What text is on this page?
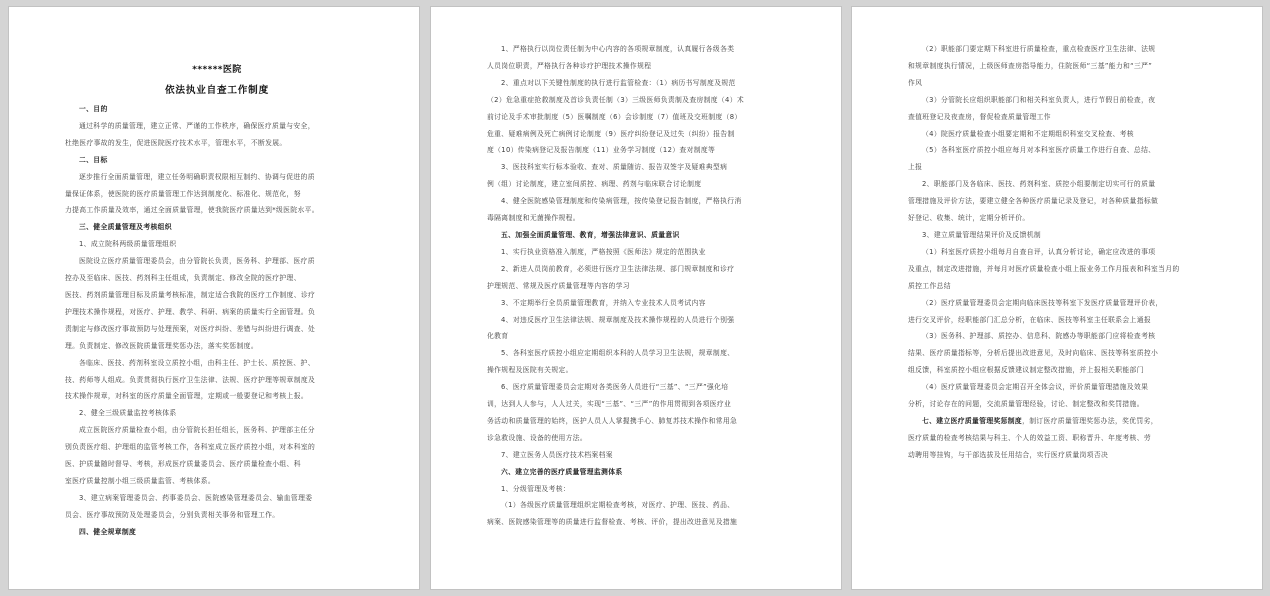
******医院
依法执业自查工作制度
一、目的
通过科学的质量管理，建立正常、严谨的工作秩序，确保医疗质量与安全，
杜绝医疗事故的发生，促进医院医疗技术水平，管理水平，不断发展。
二、目标
逐步推行全面质量管理，建立任务明确职责权限相互制约、协调与促进的质
量保证体系，使医院的医疗质量管理工作达到制度化、标准化、规范化，努
力提高工作质量及效率，通过全面质量管理，使我院医疗质量达到*级医院水平。
三、健全质量管理及考核组织
1、成立院科两级质量管理组织
医院设立医疗质量管理委员会，由分管院长负责，医务科、护理部、医疗质
控办及至临床、医技、药剂科主任组成，负责制定、修改全院的医疗护理、
医技、药剂质量管理目标及质量考核标准，制定适合我院的医疗工作制度、诊疗
护理技术操作规程，对医疗、护理、教学、科研、病案的质量实行全面管理。负
责制定与修改医疗事故预防与处理预案，对医疗纠纷、差错与纠纷进行调查、处
理。负责制定、修改医院质量管理奖惩办法，落实奖惩制度。
各临床、医技、药剂科室设立质控小组，由科主任、护士长、质控医、护、
技、药师等人组成。负责贯彻执行医疗卫生法律、法规、医疗护理等规章制度及
技术操作规章，对科室的医疗质量全面管理，定期或一般要登记和考核上报。
2、健全三级质量监控考核体系
成立医院医疗质量检查小组，由分管院长担任组长，医务科、护理部主任分
别负责医疗组、护理组的监管考核工作，各科室成立医疗质控小组，对本科室的
医、护质量随时督导、考核，形成医疗质量委员会、医疗质量检查小组、科
室医疗质量控制小组三级质量监管、考核体系。
3、建立病案管理委员会、药事委员会、医院感染管理委员会、输血管理委
员会、医疗事故预防及处理委员会，分别负责相关事务和管理工作。
四、健全规章制度
1、严格执行以岗位责任制为中心内容的各项规章制度，认真履行各级各类
人员岗位职责，严格执行各种诊疗护理技术操作规程
2、重点对以下关键性制度的执行进行监管检查：（1）病历书写制度及规范
（2）危急重症抢救制度及首诊负责任制（3）三级医师负责制及查房制度（4）术
前讨论及手术审批制度（5）医嘱制度（6）会诊制度（7）值班及交班制度（8）
危重、疑难病例及死亡病例讨论制度（9）医疗纠纷登记及过失（纠纷）报告制
度（10）传染病登记及报告制度（11）业务学习制度（12）查对制度等
3、医技科室实行标本验收、查对、质量随访、报告双签字及疑难典型病
例（组）讨论制度，建立室间质控、病理、药剂与临床联合讨论制度
4、健全医院感染管理制度和传染病管理，按传染登记报告制度，严格执行消
毒隔离制度和无菌操作规程。
五、加强全面质量管理、教育，增强法律意识、质量意识
1、实行执业资格准入制度，严格按照《医师法》规定的范围执业
2、新进人员岗前教育，必须进行医疗卫生法律法规、部门规章制度和诊疗
护理规范、常规及医疗质量管理等内容的学习
3、不定期举行全员质量管理教育，并纳入专业技术人员考试内容
4、对违反医疗卫生法律法规、规章制度及技术操作规程的人员进行个别强
化教育
5、各科室医疗质控小组应定期组织本科的人员学习卫生法规，规章制度、
操作规程及医院有关规定。
6、医疗质量管理委员会定期对各类医务人员进行“三基”、“三严”强化培
训，达到人人参与，人人过关，实现“三基”、“三严”的作用贯彻到各项医疗业
务活动和质量管理的始终，医护人员人人掌握携手心、肺复苏技术操作和常用急
诊急救设施、设备的使用方法。
7、建立医务人员医疗技术档案档案
六、建立完善的医疗质量管理监测体系
1、分级管理及考核：
（1）各级医疗质量管理组织定期检查考核，对医疗、护理、医技、药品、
病案、医院感染管理等的质量进行监督检查、考核、评价，提出改进意见及措施
（2）职能部门要定期下科室进行质量检查，重点检查医疗卫生法律、法规
和规章制度执行情况，上级医师查房指导能力，住院医师“三基”能力和“三严”
作风
（3）分管院长应组织职能部门和相关科室负责人，进行节假日前检查，夜
查值班登记及夜查房，督促检查质量管理工作
（4）院医疗质量检查小组要定期和不定期组织科室交叉检查、考核
（5）各科室医疗质控小组应每月对本科室医疗质量工作进行自查、总结、
上报
2、职能部门及各临床、医技、药剂科室、质控小组要制定切实可行的质量
管理措施及评价方法，要建立健全各种医疗质量记录及登记，对各种质量指标做
好登记、收集、统计，定期分析评价。
3、建立质量管理结果评价及反馈机制
（1）科室医疗质控小组每月自查自评，认真分析讨论，确定应改进的事项
及重点，制定改进措施，并每月对医疗质量检查小组上报业务工作月报表和科室当月的
质控工作总结
（2）医疗质量管理委员会定期向临床医技等科室下发医疗质量管理评价表，
进行交叉评价，经职能部门汇总分析，在临床、医技等科室主任联系会上通报
（3）医务科、护理部、质控办、信息科、院感办等职能部门应将检查考核
结果、医疗质量指标等，分析后提出改进意见，及时向临床、医技等科室质控小
组反馈，科室质控小组应根据反馈建议制定整改措施，并上报相关职能部门
（4）医疗质量管理委员会定期召开全体会议，评价质量管理措施及效果
分析，讨论存在的问题，交流质量管理经验，讨论、制定整改和奖罚措施。
七、建立医疗质量管理奖惩制度，制订医疗质量管理奖惩办法，奖优罚劣，
医疗质量的检查考核结果与科主、个人的效益工资、职称晋升、年度考核、劳
动聘用等挂钩，与干部选拔及任用结合，实行医疗质量岗项否决
